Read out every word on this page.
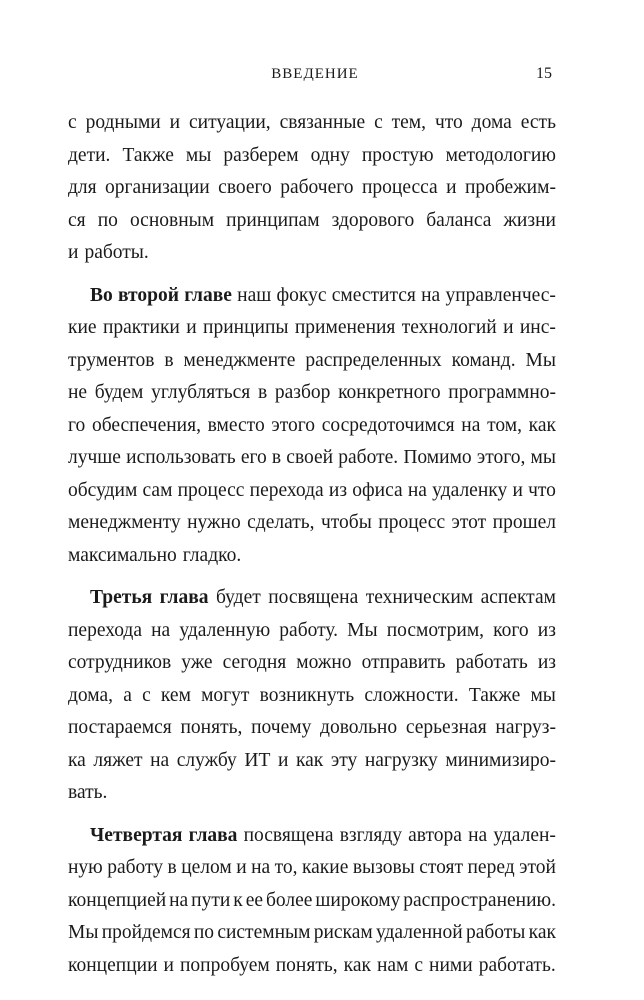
ВВЕДЕНИЕ	15
с родными и ситуации, связанные с тем, что дома есть
дети. Также мы разберем одну простую методологию
для организации своего рабочего процесса и пробежим-
ся по основным принципам здорового баланса жизни
и работы.
Во второй главе наш фокус сместится на управленчес-
кие практики и принципы применения технологий и инс-
трументов в менеджменте распределенных команд. Мы
не будем углубляться в разбор конкретного программно-
го обеспечения, вместо этого сосредоточимся на том, как
лучше использовать его в своей работе. Помимо этого, мы
обсудим сам процесс перехода из офиса на удаленку и что
менеджменту нужно сделать, чтобы процесс этот прошел
максимально гладко.
Третья глава будет посвящена техническим аспектам
перехода на удаленную работу. Мы посмотрим, кого из
сотрудников уже сегодня можно отправить работать из
дома, а с кем могут возникнуть сложности. Также мы
постараемся понять, почему довольно серьезная нагруз-
ка ляжет на службу ИТ и как эту нагрузку минимизиро-
вать.
Четвертая глава посвящена взгляду автора на удален-
ную работу в целом и на то, какие вызовы стоят перед этой
концепцией на пути к ее более широкому распространению.
Мы пройдемся по системным рискам удаленной работы как
концепции и попробуем понять, как нам с ними работать.
